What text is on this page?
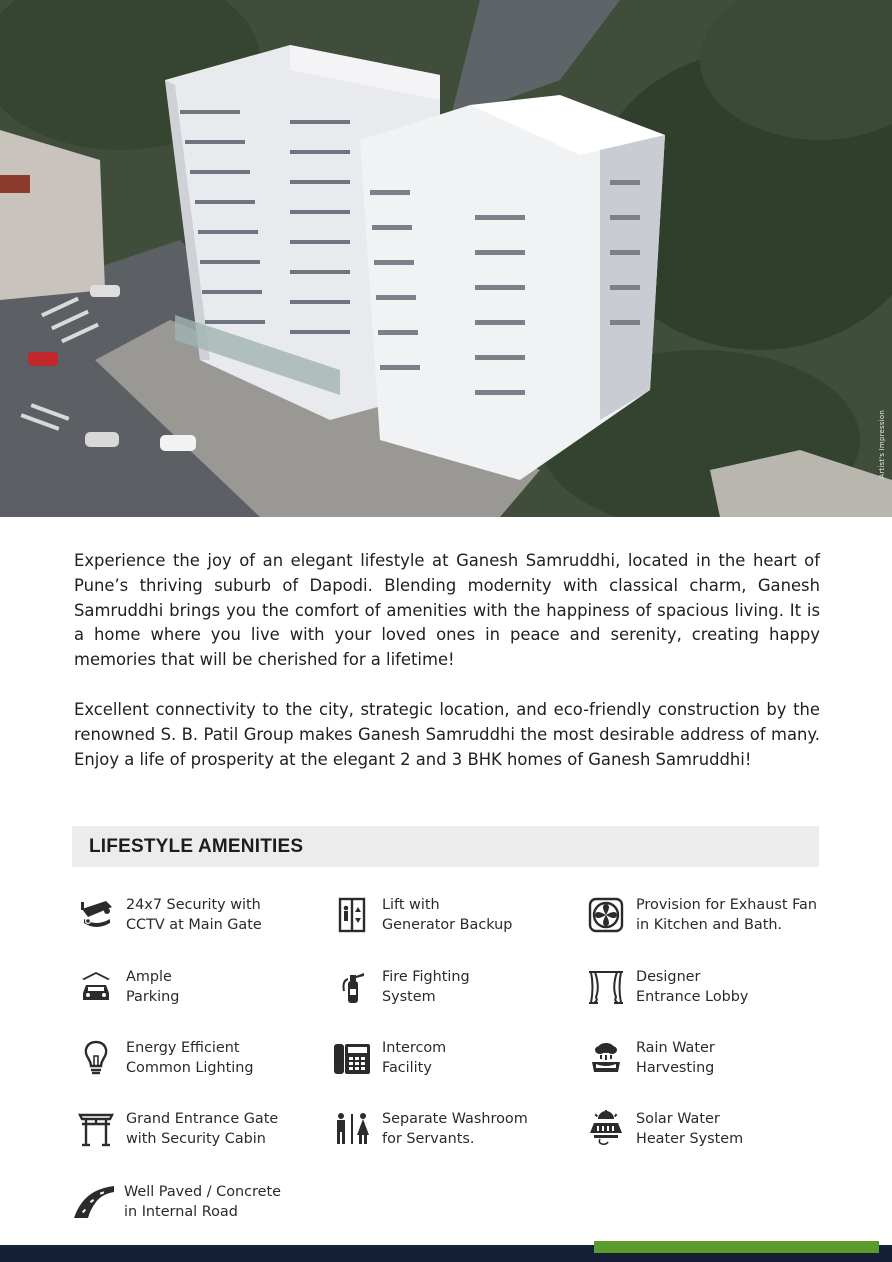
Artist's Impression

Experience the joy of an elegant lifestyle at Ganesh Samruddhi, located in the heart of Pune’s thriving suburb of Dapodi. Blending modernity with classical charm, Ganesh Samruddhi brings you the comfort of amenities with the happiness of spacious living. It is a home where you live with your loved ones in peace and serenity, creating happy memories that will be cherished for a lifetime!

Excellent connectivity to the city, strategic location, and eco-friendly construction by the renowned S. B. Patil Group makes Ganesh Samruddhi the most desirable address of many. Enjoy a life of prosperity at the elegant 2 and 3 BHK homes of Ganesh Samruddhi!

LIFESTYLE AMENITIES
24x7 Security with
CCTV at Main Gate
Lift with
Generator Backup
Provision for Exhaust Fan
in Kitchen and Bath.
Ample
Parking
Fire Fighting
System
Designer
Entrance Lobby
Energy Efficient
Common Lighting
Intercom
Facility
Rain Water
Harvesting
Grand Entrance Gate
with Security Cabin
Separate Washroom
for Servants.
Solar Water
Heater System
Well Paved / Concrete
in Internal Road
